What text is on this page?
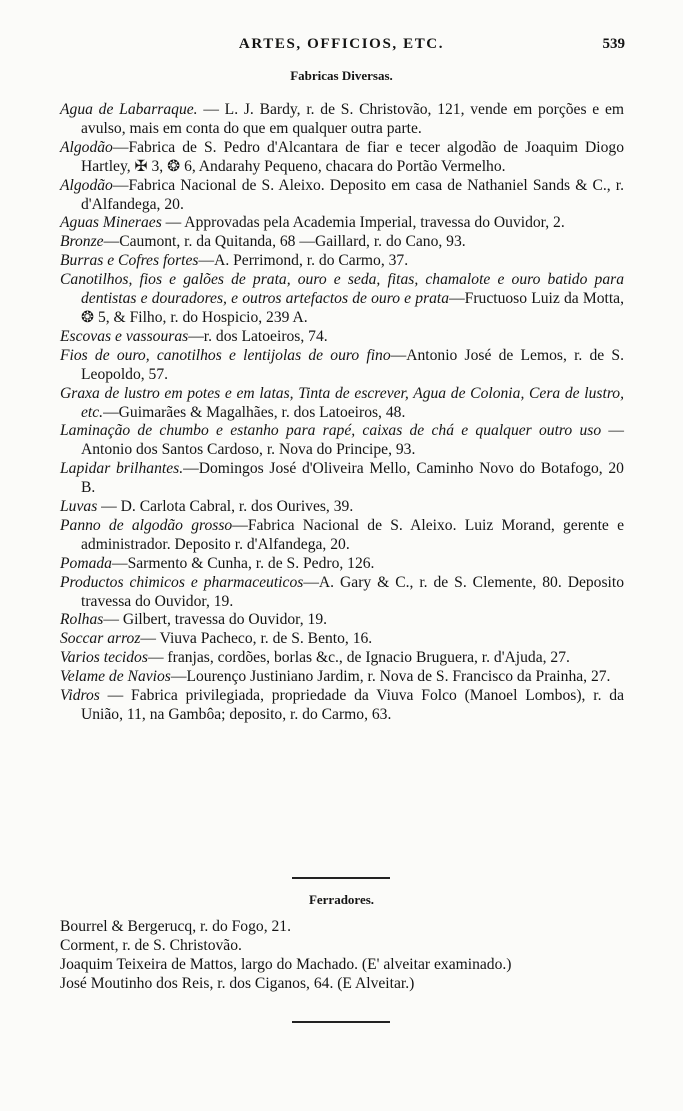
ARTES, OFFICIOS, ETC.	539
Fabricas Diversas.
Agua de Labarraque. — L. J. Bardy, r. de S. Christovão, 121, vende em porções e em avulso, mais em conta do que em qualquer outra parte.
Algodão—Fabrica de S. Pedro d'Alcantara de fiar e tecer algodão de Joaquim Diogo Hartley, ✠ 3, ❂ 6, Andarahy Pequeno, chacara do Portão Vermelho.
Algodão—Fabrica Nacional de S. Aleixo. Deposito em casa de Nathaniel Sands & C., r. d'Alfandega, 20.
Aguas Mineraes — Approvadas pela Academia Imperial, travessa do Ouvidor, 2.
Bronze—Caumont, r. da Quitanda, 68 —Gaillard, r. do Cano, 93.
Burras e Cofres fortes—A. Perrimond, r. do Carmo, 37.
Canotilhos, fios e galões de prata, ouro e seda, fitas, chamalote e ouro batido para dentistas e douradores, e outros artefactos de ouro e prata—Fructuoso Luiz da Motta, ❂ 5, & Filho, r. do Hospicio, 239 A.
Escovas e vassouras—r. dos Latoeiros, 74.
Fios de ouro, canotilhos e lentijolas de ouro fino—Antonio José de Lemos, r. de S. Leopoldo, 57.
Graxa de lustro em potes e em latas, Tinta de escrever, Agua de Colonia, Cera de lustro, etc.—Guimarães & Magalhães, r. dos Latoeiros, 48.
Laminação de chumbo e estanho para rapé, caixas de chá e qualquer outro uso — Antonio dos Santos Cardoso, r. Nova do Principe, 93.
Lapidar brilhantes.—Domingos José d'Oliveira Mello, Caminho Novo do Botafogo, 20 B.
Luvas — D. Carlota Cabral, r. dos Ourives, 39.
Panno de algodão grosso—Fabrica Nacional de S. Aleixo. Luiz Morand, gerente e administrador. Deposito r. d'Alfandega, 20.
Pomada—Sarmento & Cunha, r. de S. Pedro, 126.
Productos chimicos e pharmaceuticos—A. Gary & C., r. de S. Clemente, 80. Deposito travessa do Ouvidor, 19.
Rolhas— Gilbert, travessa do Ouvidor, 19.
Soccar arroz— Viuva Pacheco, r. de S. Bento, 16.
Varios tecidos— franjas, cordões, borlas &c., de Ignacio Bruguera, r. d'Ajuda, 27.
Velame de Navios—Lourenço Justiniano Jardim, r. Nova de S. Francisco da Prainha, 27.
Vidros — Fabrica privilegiada, propriedade da Viuva Folco (Manoel Lombos), r. da União, 11, na Gambôa; deposito, r. do Carmo, 63.
Ferradores.
Bourrel & Bergerucq, r. do Fogo, 21.
Corment, r. de S. Christovão.
Joaquim Teixeira de Mattos, largo do Machado. (E' alveitar examinado.)
José Moutinho dos Reis, r. dos Ciganos, 64. (E Alveitar.)
